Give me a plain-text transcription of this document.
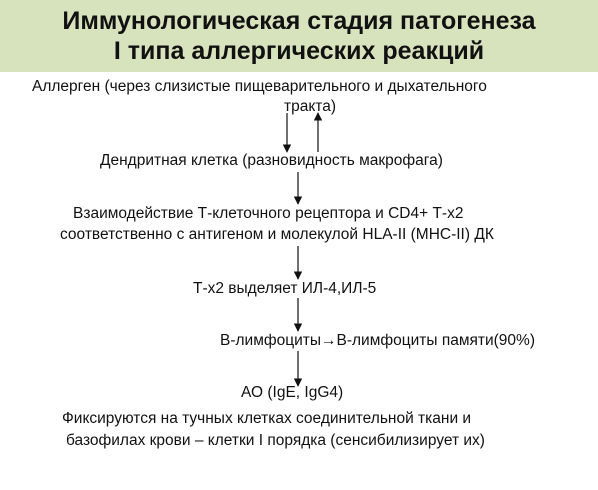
Иммунологическая стадия патогенеза
I типа аллергических реакций
Аллерген (через слизистые пищеварительного и дыхательного
тракта)
Дендритная клетка (разновидность макрофага)
Взаимодействие Т-клеточного рецептора и CD4+ Т-х2
соответственно с антигеном и молекулой HLA-II (MHC-II) ДК
Т-х2 выделяет ИЛ-4,ИЛ-5
В-лимфоциты→В-лимфоциты памяти(90%)
АО (IgE, IgG4)
Фиксируются на тучных клетках соединительной ткани и
базофилах крови – клетки I порядка (сенсибилизирует их)
